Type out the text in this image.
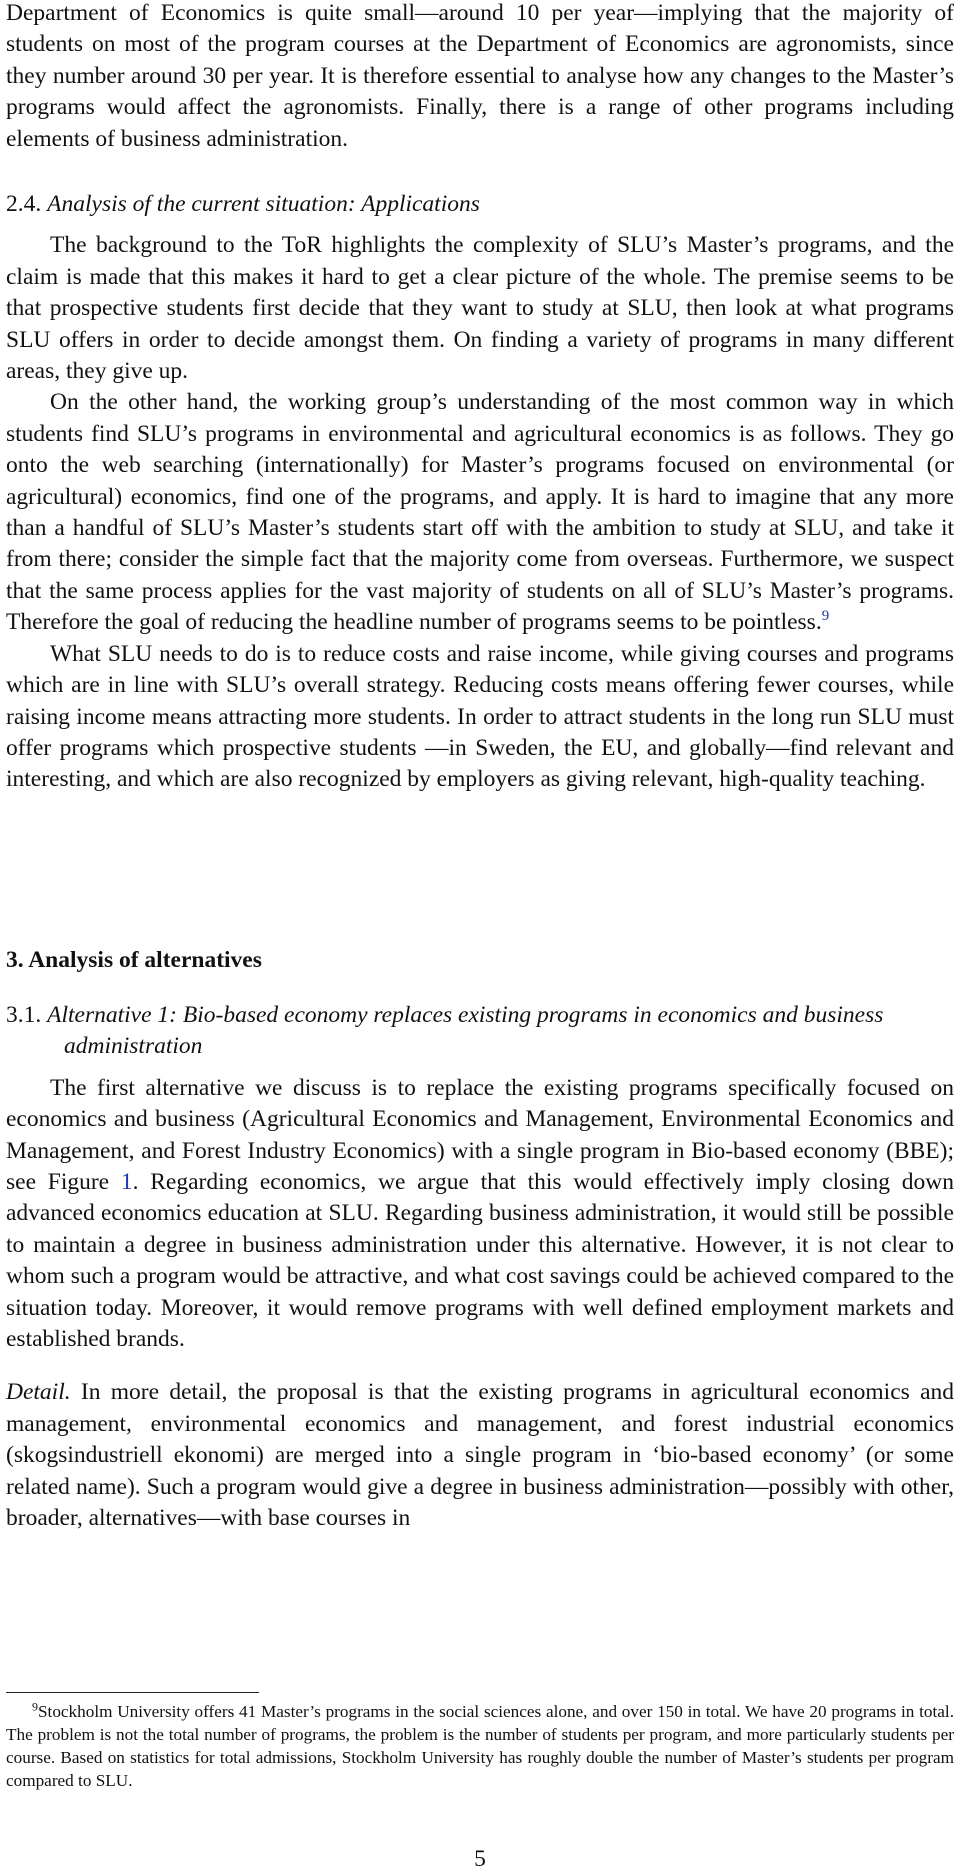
Department of Economics is quite small—around 10 per year—implying that the majority of students on most of the program courses at the Department of Economics are agronomists, since they number around 30 per year. It is therefore essential to analyse how any changes to the Master’s programs would affect the agronomists. Finally, there is a range of other programs including elements of business administration.

2.4. Analysis of the current situation: Applications

The background to the ToR highlights the complexity of SLU’s Master’s programs, and the claim is made that this makes it hard to get a clear picture of the whole. The premise seems to be that prospective students first decide that they want to study at SLU, then look at what programs SLU offers in order to decide amongst them. On finding a variety of programs in many different areas, they give up.

On the other hand, the working group’s understanding of the most common way in which students find SLU’s programs in environmental and agricultural economics is as follows. They go onto the web searching (internationally) for Master’s programs focused on environmental (or agricultural) economics, find one of the programs, and apply. It is hard to imagine that any more than a handful of SLU’s Master’s students start off with the ambition to study at SLU, and take it from there; consider the simple fact that the majority come from overseas. Furthermore, we suspect that the same process applies for the vast majority of students on all of SLU’s Master’s programs. Therefore the goal of reducing the headline number of programs seems to be pointless.$^9$

What SLU needs to do is to reduce costs and raise income, while giving courses and programs which are in line with SLU’s overall strategy. Reducing costs means offering fewer courses, while raising income means attracting more students. In order to attract students in the long run SLU must offer programs which prospective students —in Sweden, the EU, and globally—find relevant and interesting, and which are also recognized by employers as giving relevant, high-quality teaching.

3. Analysis of alternatives
3.1. Alternative 1: Bio-based economy replaces existing programs in economics and business administration

The first alternative we discuss is to replace the existing programs specifically focused on economics and business (Agricultural Economics and Management, Environmental Economics and Management, and Forest Industry Economics) with a single program in Bio-based economy (BBE); see Figure 1. Regarding economics, we argue that this would effectively imply closing down advanced economics education at SLU. Regarding business administration, it would still be possible to maintain a degree in business administration under this alternative. However, it is not clear to whom such a program would be attractive, and what cost savings could be achieved compared to the situation today. Moreover, it would remove programs with well defined employment markets and established brands.

Detail. In more detail, the proposal is that the existing programs in agricultural economics and management, environmental economics and management, and forest industrial economics (skogsindustriell ekonomi) are merged into a single program in ‘bio-based economy’ (or some related name). Such a program would give a degree in business administration—possibly with other, broader, alternatives—with base courses in

$^9$Stockholm University offers 41 Master’s programs in the social sciences alone, and over 150 in total. We have 20 programs in total. The problem is not the total number of programs, the problem is the number of students per program, and more particularly students per course. Based on statistics for total admissions, Stockholm University has roughly double the number of Master’s students per program compared to SLU.

5
